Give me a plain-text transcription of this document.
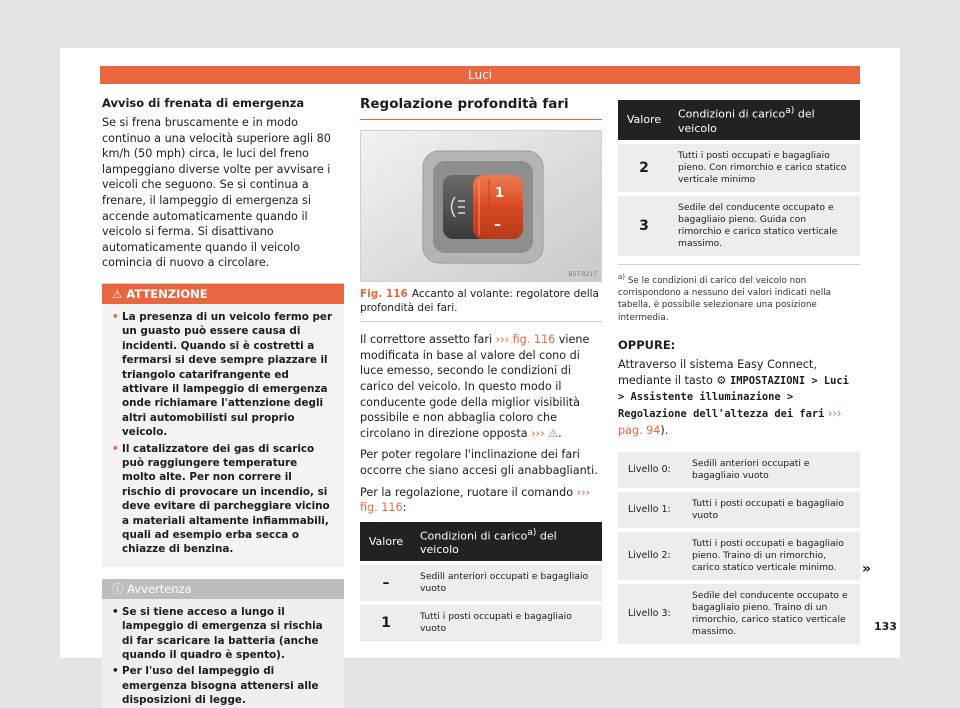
Luci
Avviso di frenata di emergenza

Se si frena bruscamente e in modo continuo a una velocità superiore agli 80 km/h (50 mph) circa, le luci del freno lampeggiano diverse volte per avvisare i veicoli che seguono. Se si continua a frenare, il lampeggio di emergenza si accende automaticamente quando il veicolo si ferma. Si disattivano automaticamente quando il veicolo comincia di nuovo a circolare.

⚠ ATTENZIONE
• La presenza di un veicolo fermo per un guasto può essere causa di incidenti. Quando si è costretti a fermarsi si deve sempre piazzare il triangolo catarifrangente ed attivare il lampeggio di emergenza onde richiamare l'attenzione degli altri automobilisti sul proprio veicolo.
• Il catalizzatore dei gas di scarico può raggiungere temperature molto alte. Per non correre il rischio di provocare un incendio, si deve evitare di parcheggiare vicino a materiali altamente infiammabili, quali ad esempio erba secca o chiazze di benzina.
ⓘ Avvertenza
• Se si tiene acceso a lungo il lampeggio di emergenza si rischia di far scaricare la batteria (anche quando il quadro è spento).
• Per l'uso del lampeggio di emergenza bisogna attenersi alle disposizioni di legge.
Regolazione profondità fari
1
–
B5T-0217
Fig. 116 Accanto al volante: regolatore della profondità dei fari.

Il correttore assetto fari ››› fig. 116 viene modificata in base al valore del cono di luce emesso, secondo le condizioni di carico del veicolo. In questo modo il conducente gode della miglior visibilità possibile e non abbaglia coloro che circolano in direzione opposta ››› ⚠.

Per poter regolare l'inclinazione dei fari occorre che siano accesi gli anabbaglianti.

Per la regolazione, ruotare il comando ››› fig. 116:

Valore	Condizioni di carico$^{a)}$ del veicolo
–	Sedili anteriori occupati e bagagliaio vuoto
1	Tutti i posti occupati e bagagliaio vuoto
Valore	Condizioni di carico$^{a)}$ del veicolo
2	Tutti i posti occupati e bagagliaio pieno. Con rimorchio e carico statico verticale minimo
3	Sedile del conducente occupato e bagagliaio pieno. Guida con rimorchio e carico statico verticale massimo.
$^{a)}$ Se le condizioni di carico del veicolo non corrispondono a nessuno dei valori indicati nella tabella, è possibile selezionare una posizione intermedia.
OPPURE:

Attraverso il sistema Easy Connect, mediante il tasto ⚙ IMPOSTAZIONI > Luci > Assistente illuminazione > Regolazione dell'altezza dei fari ››› pag. 94).

Livello 0:	Sedili anteriori occupati e bagagliaio vuoto
Livello 1:	Tutti i posti occupati e bagagliaio vuoto
Livello 2:	Tutti i posti occupati e bagagliaio pieno. Traino di un rimorchio, carico statico verticale minimo.
Livello 3:	Sedile del conducente occupato e bagagliaio pieno. Traino di un rimorchio, carico statico verticale massimo.
»
133
